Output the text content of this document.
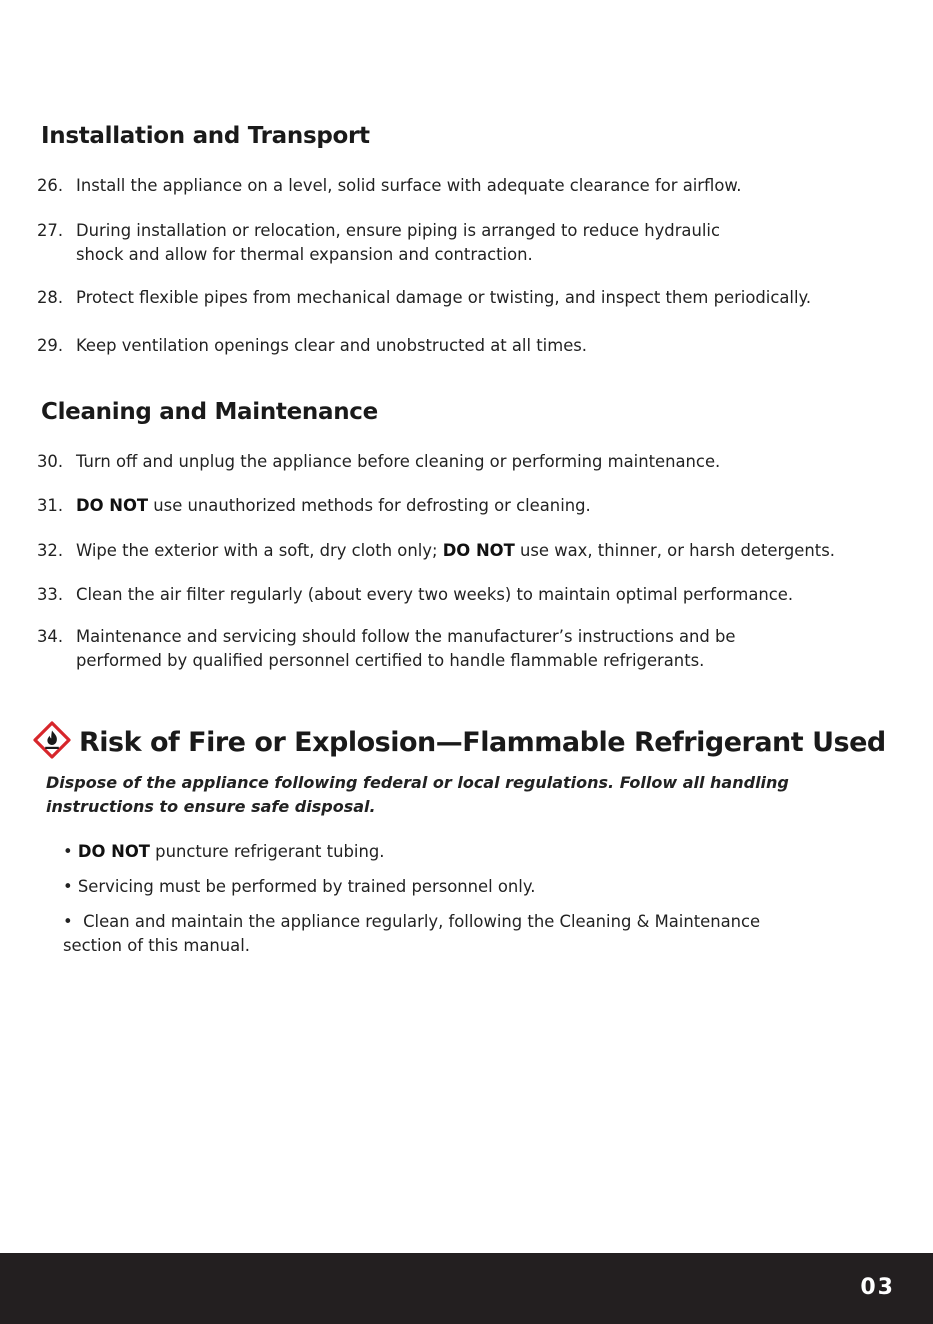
Installation and Transport

26. Install the appliance on a level, solid surface with adequate clearance for airflow.

27. During installation or relocation, ensure piping is arranged to reduce hydraulic
shock and allow for thermal expansion and contraction.

28. Protect flexible pipes from mechanical damage or twisting, and inspect them periodically.

29. Keep ventilation openings clear and unobstructed at all times.

Cleaning and Maintenance

30. Turn off and unplug the appliance before cleaning or performing maintenance.

31. DO NOT use unauthorized methods for defrosting or cleaning.

32. Wipe the exterior with a soft, dry cloth only; DO NOT use wax, thinner, or harsh detergents.

33. Clean the air filter regularly (about every two weeks) to maintain optimal performance.

34. Maintenance and servicing should follow the manufacturer’s instructions and be
performed by qualified personnel certified to handle flammable refrigerants.

Risk of Fire or Explosion—Flammable Refrigerant Used

Dispose of the appliance following federal or local regulations. Follow all handling
instructions to ensure safe disposal.

• DO NOT puncture refrigerant tubing.

• Servicing must be performed by trained personnel only.

• Clean and maintain the appliance regularly, following the Cleaning & Maintenance
section of this manual.

03
